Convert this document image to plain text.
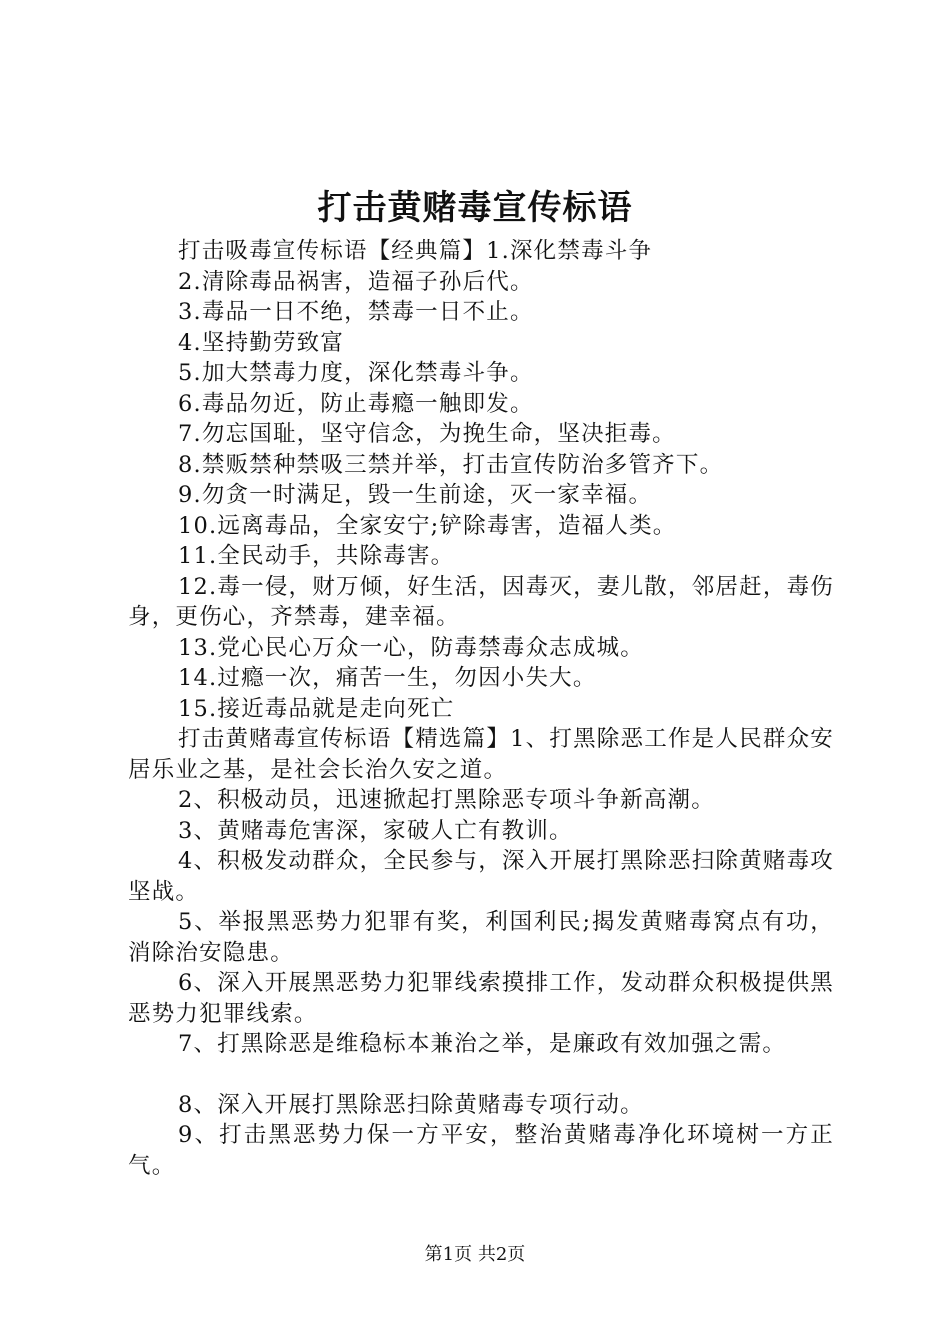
打击黄赌毒宣传标语

打击吸毒宣传标语【经典篇】1.深化禁毒斗争

2.清除毒品祸害，造福子孙后代。

3.毒品一日不绝，禁毒一日不止。

4.坚持勤劳致富

5.加大禁毒力度，深化禁毒斗争。

6.毒品勿近，防止毒瘾一触即发。

7.勿忘国耻，坚守信念，为挽生命，坚决拒毒。

8.禁贩禁种禁吸三禁并举，打击宣传防治多管齐下。

9.勿贪一时满足，毁一生前途，灭一家幸福。

10.远离毒品，全家安宁;铲除毒害，造福人类。

11.全民动手，共除毒害。

12.毒一侵，财万倾，好生活，因毒灭，妻儿散，邻居赶，毒伤身，更伤心，齐禁毒，建幸福。

13.党心民心万众一心，防毒禁毒众志成城。

14.过瘾一次，痛苦一生，勿因小失大。

15.接近毒品就是走向死亡

打击黄赌毒宣传标语【精选篇】1、打黑除恶工作是人民群众安居乐业之基，是社会长治久安之道。

2、积极动员，迅速掀起打黑除恶专项斗争新高潮。

3、黄赌毒危害深，家破人亡有教训。

4、积极发动群众，全民参与，深入开展打黑除恶扫除黄赌毒攻坚战。

5、举报黑恶势力犯罪有奖，利国利民;揭发黄赌毒窝点有功，消除治安隐患。

6、深入开展黑恶势力犯罪线索摸排工作，发动群众积极提供黑恶势力犯罪线索。

7、打黑除恶是维稳标本兼治之举，是廉政有效加强之需。

8、深入开展打黑除恶扫除黄赌毒专项行动。

9、打击黑恶势力保一方平安，整治黄赌毒净化环境树一方正气。

第1页 共2页
